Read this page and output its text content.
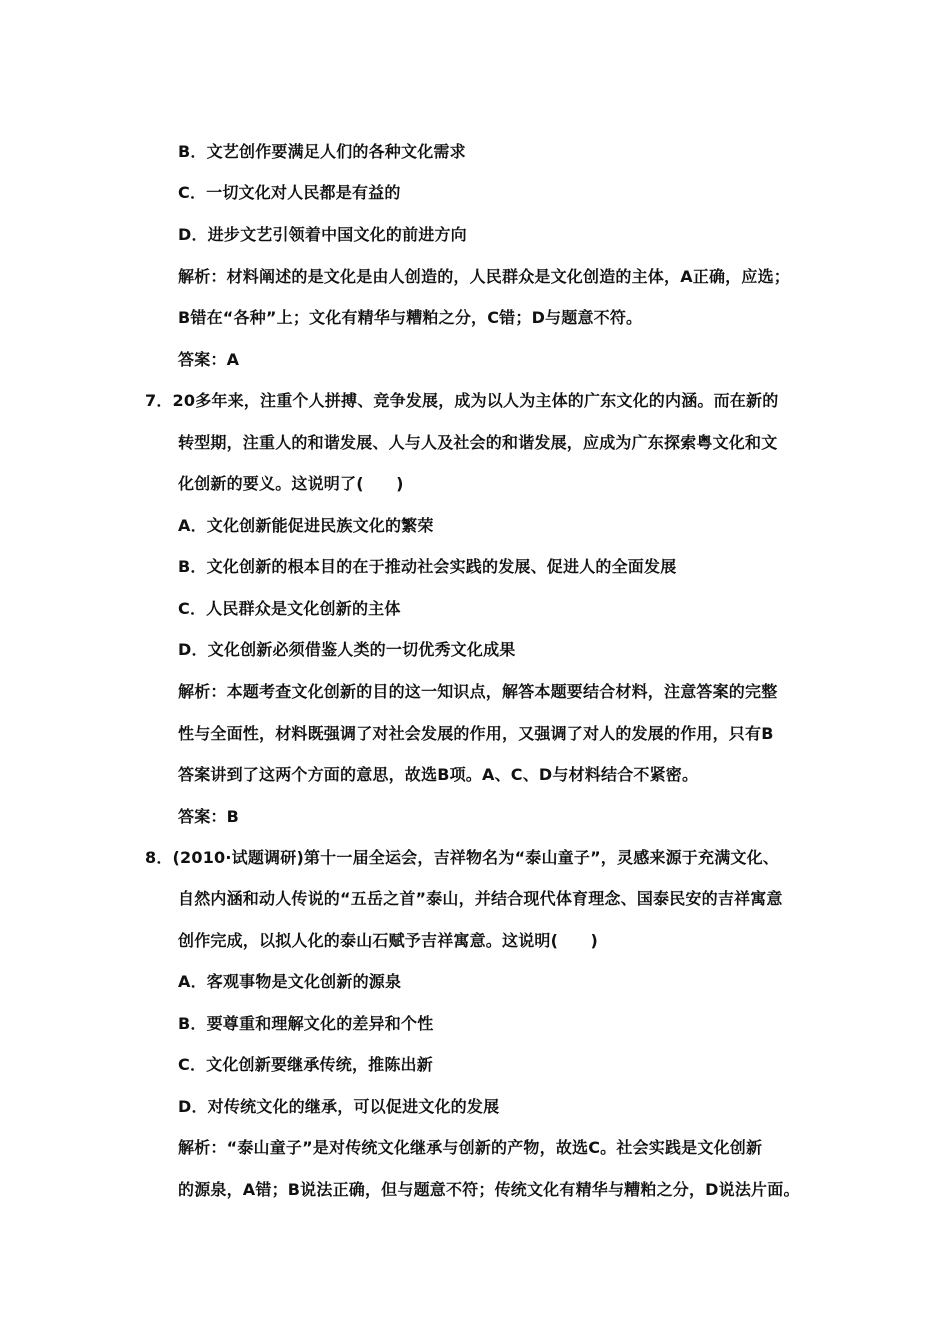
B．文艺创作要满足人们的各种文化需求
C．一切文化对人民都是有益的
D．进步文艺引领着中国文化的前进方向
解析：材料阐述的是文化是由人创造的，人民群众是文化创造的主体，A正确，应选；
B错在“各种”上；文化有精华与糟粕之分，C错；D与题意不符。
答案：A
7．20多年来，注重个人拼搏、竞争发展，成为以人为主体的广东文化的内涵。而在新的
转型期，注重人的和谐发展、人与人及社会的和谐发展，应成为广东探索粤文化和文
化创新的要义。这说明了(　　)
A．文化创新能促进民族文化的繁荣
B．文化创新的根本目的在于推动社会实践的发展、促进人的全面发展
C．人民群众是文化创新的主体
D．文化创新必须借鉴人类的一切优秀文化成果
解析：本题考查文化创新的目的这一知识点，解答本题要结合材料，注意答案的完整
性与全面性，材料既强调了对社会发展的作用，又强调了对人的发展的作用，只有B
答案讲到了这两个方面的意思，故选B项。A、C、D与材料结合不紧密。
答案：B
8．(2010·试题调研)第十一届全运会，吉祥物名为“泰山童子”，灵感来源于充满文化、
自然内涵和动人传说的“五岳之首”泰山，并结合现代体育理念、国泰民安的吉祥寓意
创作完成，以拟人化的泰山石赋予吉祥寓意。这说明(　　)
A．客观事物是文化创新的源泉
B．要尊重和理解文化的差异和个性
C．文化创新要继承传统，推陈出新
D．对传统文化的继承，可以促进文化的发展
解析：“泰山童子”是对传统文化继承与创新的产物，故选C。社会实践是文化创新
的源泉，A错；B说法正确，但与题意不符；传统文化有精华与糟粕之分，D说法片面。
